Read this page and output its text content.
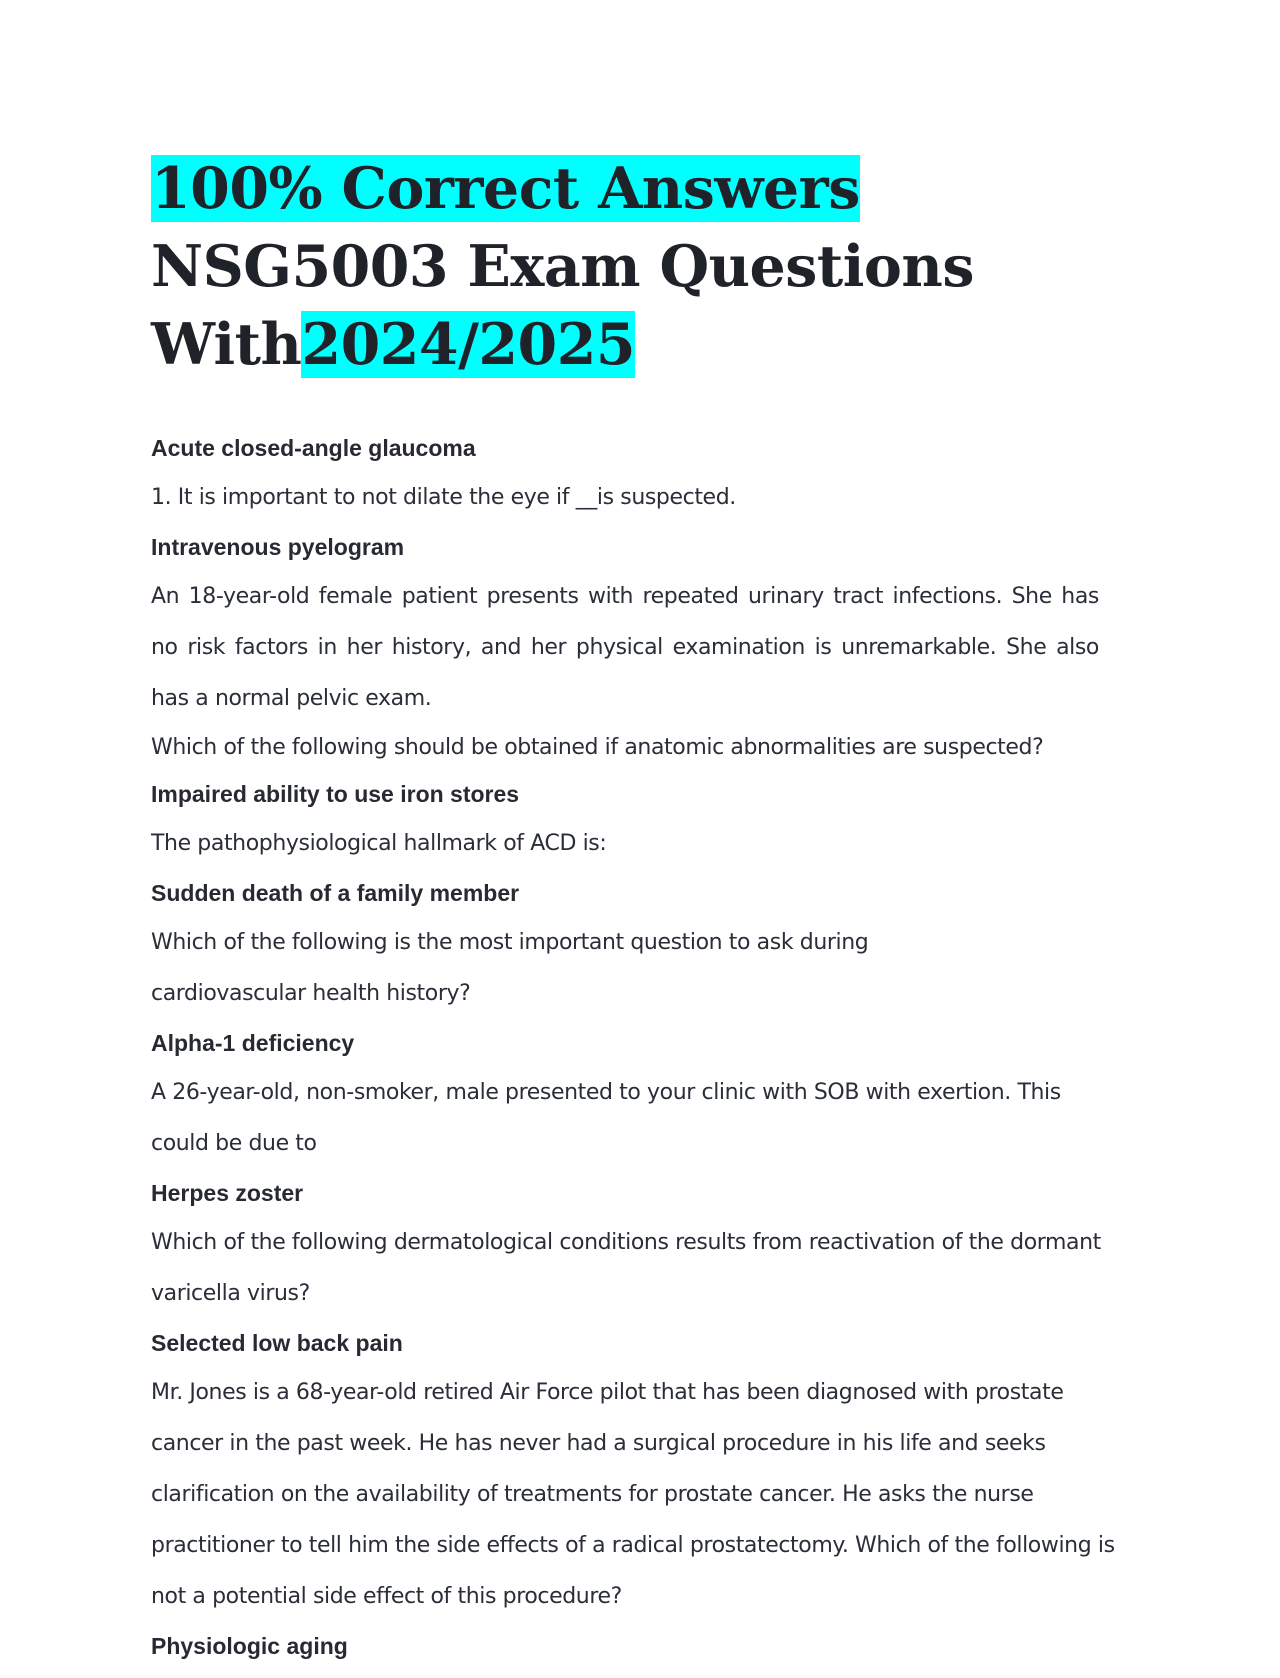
100% Correct Answers NSG5003 Exam Questions With2024/2025

Acute closed-angle glaucoma

1. It is important to not dilate the eye if __is suspected.

Intravenous pyelogram

An 18-year-old female patient presents with repeated urinary tract infections. She has no risk factors in her history, and her physical examination is unremarkable. She also has a normal pelvic exam.

Which of the following should be obtained if anatomic abnormalities are suspected?

Impaired ability to use iron stores

The pathophysiological hallmark of ACD is:

Sudden death of a family member

Which of the following is the most important question to ask during cardiovascular health history?

Alpha-1 deficiency

A 26-year-old, non-smoker, male presented to your clinic with SOB with exertion. This could be due to

Herpes zoster

Which of the following dermatological conditions results from reactivation of the dormant varicella virus?

Selected low back pain

Mr. Jones is a 68-year-old retired Air Force pilot that has been diagnosed with prostate cancer in the past week. He has never had a surgical procedure in his life and seeks clarification on the availability of treatments for prostate cancer. He asks the nurse practitioner to tell him the side effects of a radical prostatectomy. Which of the following is not a potential side effect of this procedure?

Physiologic aging
